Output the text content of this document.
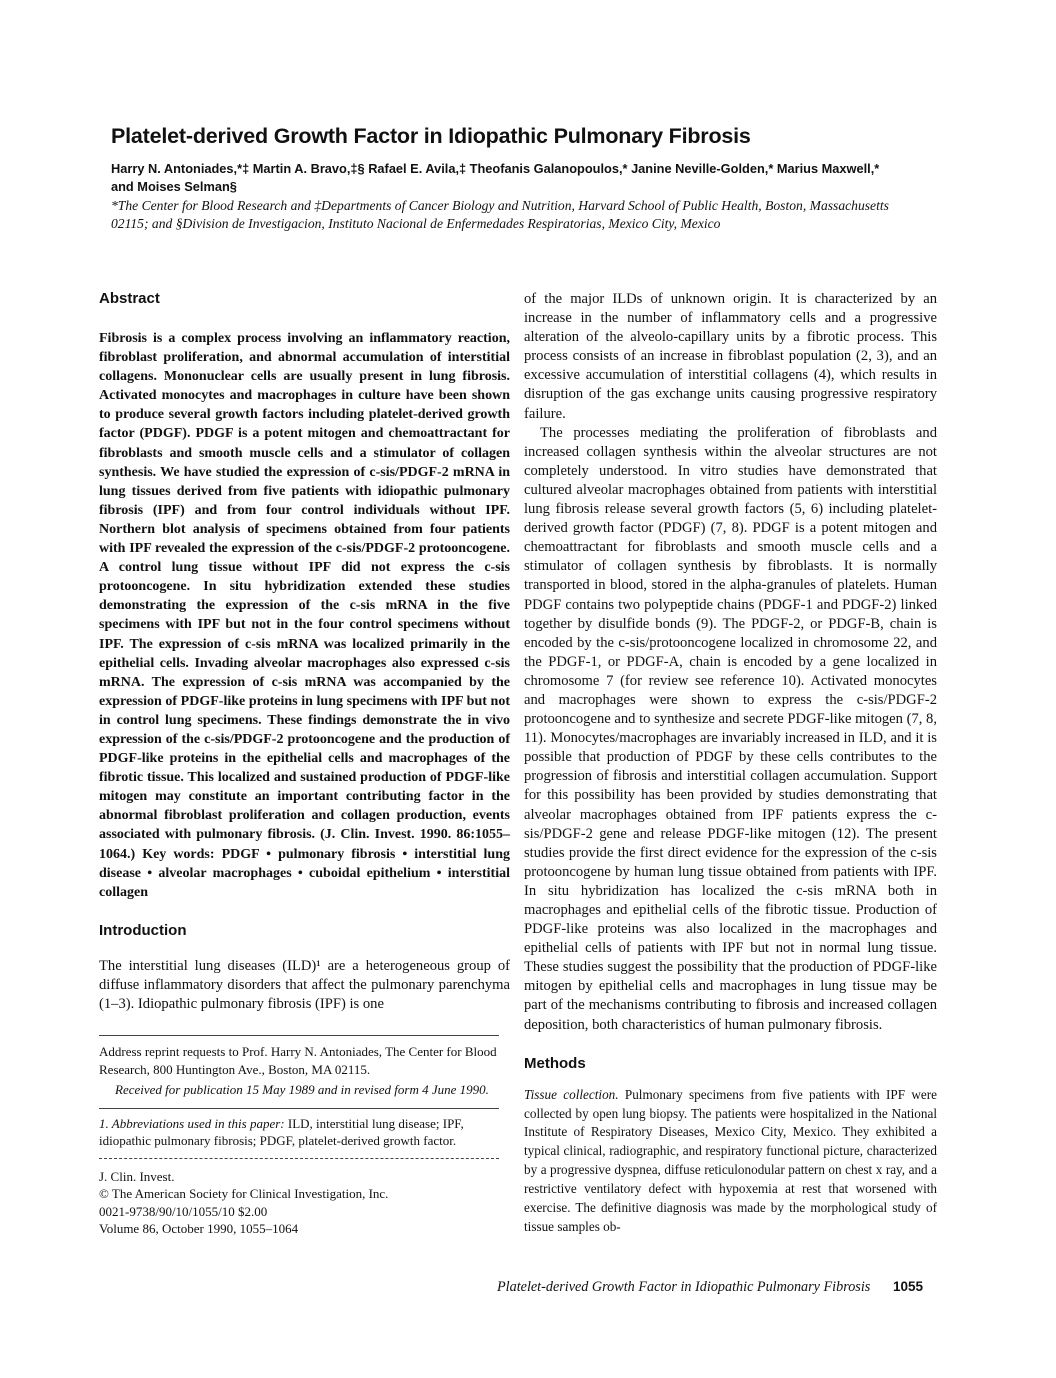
Platelet-derived Growth Factor in Idiopathic Pulmonary Fibrosis

Harry N. Antoniades,*‡ Martin A. Bravo,‡§ Rafael E. Avila,‡ Theofanis Galanopoulos,* Janine Neville-Golden,* Marius Maxwell,* and Moises Selman§

*The Center for Blood Research and ‡Departments of Cancer Biology and Nutrition, Harvard School of Public Health, Boston, Massachusetts 02115; and §Division de Investigacion, Instituto Nacional de Enfermedades Respiratorias, Mexico City, Mexico

Abstract

Fibrosis is a complex process involving an inflammatory reaction, fibroblast proliferation, and abnormal accumulation of interstitial collagens. Mononuclear cells are usually present in lung fibrosis. Activated monocytes and macrophages in culture have been shown to produce several growth factors including platelet-derived growth factor (PDGF). PDGF is a potent mitogen and chemoattractant for fibroblasts and smooth muscle cells and a stimulator of collagen synthesis. We have studied the expression of c-sis/PDGF-2 mRNA in lung tissues derived from five patients with idiopathic pulmonary fibrosis (IPF) and from four control individuals without IPF. Northern blot analysis of specimens obtained from four patients with IPF revealed the expression of the c-sis/PDGF-2 protooncogene. A control lung tissue without IPF did not express the c-sis protooncogene. In situ hybridization extended these studies demonstrating the expression of the c-sis mRNA in the five specimens with IPF but not in the four control specimens without IPF. The expression of c-sis mRNA was localized primarily in the epithelial cells. Invading alveolar macrophages also expressed c-sis mRNA. The expression of c-sis mRNA was accompanied by the expression of PDGF-like proteins in lung specimens with IPF but not in control lung specimens. These findings demonstrate the in vivo expression of the c-sis/PDGF-2 protooncogene and the production of PDGF-like proteins in the epithelial cells and macrophages of the fibrotic tissue. This localized and sustained production of PDGF-like mitogen may constitute an important contributing factor in the abnormal fibroblast proliferation and collagen production, events associated with pulmonary fibrosis. (J. Clin. Invest. 1990. 86:1055–1064.) Key words: PDGF • pulmonary fibrosis • interstitial lung disease • alveolar macrophages • cuboidal epithelium • interstitial collagen

Introduction

The interstitial lung diseases (ILD)¹ are a heterogeneous group of diffuse inflammatory disorders that affect the pulmonary parenchyma (1–3). Idiopathic pulmonary fibrosis (IPF) is one

Address reprint requests to Prof. Harry N. Antoniades, The Center for Blood Research, 800 Huntington Ave., Boston, MA 02115.

Received for publication 15 May 1989 and in revised form 4 June 1990.

1. Abbreviations used in this paper: ILD, interstitial lung disease; IPF, idiopathic pulmonary fibrosis; PDGF, platelet-derived growth factor.

J. Clin. Invest.

© The American Society for Clinical Investigation, Inc.

0021-9738/90/10/1055/10 $2.00

Volume 86, October 1990, 1055–1064

of the major ILDs of unknown origin. It is characterized by an increase in the number of inflammatory cells and a progressive alteration of the alveolo-capillary units by a fibrotic process. This process consists of an increase in fibroblast population (2, 3), and an excessive accumulation of interstitial collagens (4), which results in disruption of the gas exchange units causing progressive respiratory failure.

The processes mediating the proliferation of fibroblasts and increased collagen synthesis within the alveolar structures are not completely understood. In vitro studies have demonstrated that cultured alveolar macrophages obtained from patients with interstitial lung fibrosis release several growth factors (5, 6) including platelet-derived growth factor (PDGF) (7, 8). PDGF is a potent mitogen and chemoattractant for fibroblasts and smooth muscle cells and a stimulator of collagen synthesis by fibroblasts. It is normally transported in blood, stored in the alpha-granules of platelets. Human PDGF contains two polypeptide chains (PDGF-1 and PDGF-2) linked together by disulfide bonds (9). The PDGF-2, or PDGF-B, chain is encoded by the c-sis/protooncogene localized in chromosome 22, and the PDGF-1, or PDGF-A, chain is encoded by a gene localized in chromosome 7 (for review see reference 10). Activated monocytes and macrophages were shown to express the c-sis/PDGF-2 protooncogene and to synthesize and secrete PDGF-like mitogen (7, 8, 11). Monocytes/macrophages are invariably increased in ILD, and it is possible that production of PDGF by these cells contributes to the progression of fibrosis and interstitial collagen accumulation. Support for this possibility has been provided by studies demonstrating that alveolar macrophages obtained from IPF patients express the c-sis/PDGF-2 gene and release PDGF-like mitogen (12). The present studies provide the first direct evidence for the expression of the c-sis protooncogene by human lung tissue obtained from patients with IPF. In situ hybridization has localized the c-sis mRNA both in macrophages and epithelial cells of the fibrotic tissue. Production of PDGF-like proteins was also localized in the macrophages and epithelial cells of patients with IPF but not in normal lung tissue. These studies suggest the possibility that the production of PDGF-like mitogen by epithelial cells and macrophages in lung tissue may be part of the mechanisms contributing to fibrosis and increased collagen deposition, both characteristics of human pulmonary fibrosis.

Methods

Tissue collection. Pulmonary specimens from five patients with IPF were collected by open lung biopsy. The patients were hospitalized in the National Institute of Respiratory Diseases, Mexico City, Mexico. They exhibited a typical clinical, radiographic, and respiratory functional picture, characterized by a progressive dyspnea, diffuse reticulonodular pattern on chest x ray, and a restrictive ventilatory defect with hypoxemia at rest that worsened with exercise. The definitive diagnosis was made by the morphological study of tissue samples ob-

Platelet-derived Growth Factor in Idiopathic Pulmonary Fibrosis 1055
